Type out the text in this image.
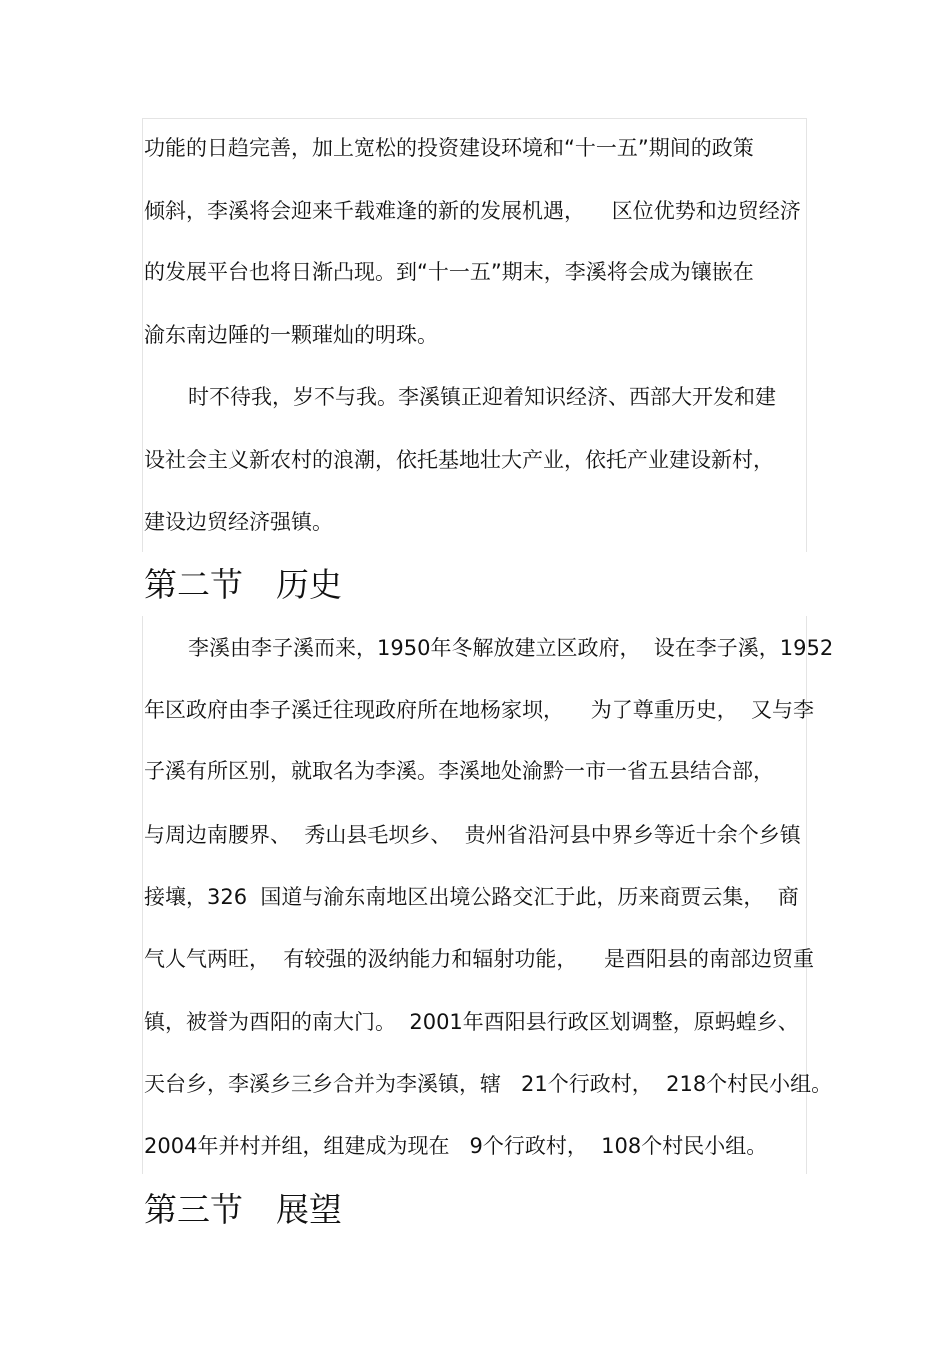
功能的日趋完善，加上宽松的投资建设环境和“十一五”期间的政策

倾斜，李溪将会迎来千载难逢的新的发展机遇，    区位优势和边贸经济

的发展平台也将日渐凸现。到“十一五”期末，李溪将会成为镶嵌在

渝东南边陲的一颗璀灿的明珠。

时不待我，岁不与我。李溪镇正迎着知识经济、西部大开发和建

设社会主义新农村的浪潮，依托基地壮大产业，依托产业建设新村，

建设边贸经济强镇。

第二节　历史

李溪由李子溪而来，1950年冬解放建立区政府，  设在李子溪，1952

年区政府由李子溪迁往现政府所在地杨家坝，    为了尊重历史，  又与李

子溪有所区别，就取名为李溪。李溪地处渝黔一市一省五县结合部，

与周边南腰界、  秀山县毛坝乡、  贵州省沿河县中界乡等近十余个乡镇

接壤，326  国道与渝东南地区出境公路交汇于此，历来商贾云集，  商

气人气两旺，  有较强的汲纳能力和辐射功能，    是酉阳县的南部边贸重

镇，被誉为酉阳的南大门。  2001年酉阳县行政区划调整，原蚂蝗乡、

天台乡，李溪乡三乡合并为李溪镇，辖   21个行政村，  218个村民小组。

2004年并村并组，组建成为现在   9个行政村，  108个村民小组。

第三节　展望
